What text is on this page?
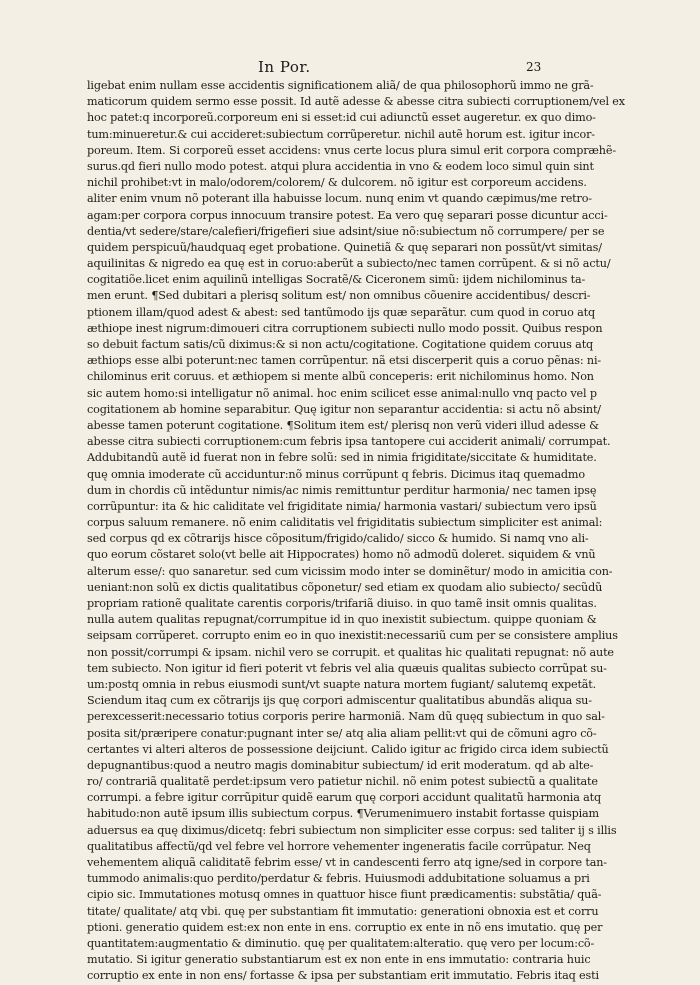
In Por.	23
ligebat enim nullam esse accidentis significationem aliã/ de qua philosophorũ immo ne grã-
maticorum quidem sermo esse possit. Id autẽ adesse & abesse citra subiecti corruptionem/vel ex
hoc patet:q incorporeũ.corporeum eni si esset:id cui adiunctũ esset augeretur. ex quo dimo-
tum:minueretur.& cui accideret:subiectum corrũperetur. nichil autẽ horum est. igitur incor-
poreum. Item. Si corporeũ esset accidens: vnus certe locus plura simul erit corpora compræhẽ-
surus.qd fieri nullo modo potest. atqui plura accidentia in vno & eodem loco simul quin sint
nichil prohibet:vt in malo/odorem/colorem/ & dulcorem. nõ igitur est corporeum accidens.
aliter enim vnum nõ poterant illa habuisse locum. nunq enim vt quando cæpimus/me retro-
agam:per corpora corpus innocuum transire potest. Ea vero quę separari posse dicuntur acci-
dentia/vt sedere/stare/calefieri/frigefieri siue adsint/siue nõ:subiectum nõ corrumpere/ per se
quidem perspicuũ/haudquaq eget probatione. Quinetiã & quę separari non possũt/vt simitas/
aquilinitas & nigredo ea quę est in coruo:aberũt a subiecto/nec tamen corrũpent. & si nõ actu/
cogitatiõe.licet enim aquilinũ intelligas Socratẽ/& Ciceronem simũ: ijdem nichilominus ta-
men erunt. ¶Sed dubitari a plerisq solitum est/ non omnibus cõuenire accidentibus/ descri-
ptionem illam/quod adest & abest: sed tantũmodo ijs quæ separãtur. cum quod in coruo atq
æthiope inest nigrum:dimoueri citra corruptionem subiecti nullo modo possit. Quibus respon
so debuit factum satis/cũ diximus:& si non actu/cogitatione. Cogitatione quidem coruus atq
æthiops esse albi poterunt:nec tamen corrũpentur. nã etsi discerperit quis a coruo pẽnas: ni-
chilominus erit coruus. et æthiopem si mente albũ conceperis: erit nichilominus homo. Non
sic autem homo:si intelligatur nõ animal. hoc enim scilicet esse animal:nullo vnq pacto vel p
cogitationem ab homine separabitur. Quę igitur non separantur accidentia: si actu nõ absint/
abesse tamen poterunt cogitatione. ¶Solitum item est/ plerisq non verũ videri illud adesse &
abesse citra subiecti corruptionem:cum febris ipsa tantopere cui acciderit animali/ corrumpat.
Addubitandũ autẽ id fuerat non in febre solũ: sed in nimia frigiditate/siccitate & humiditate.
quę omnia imoderate cũ acciduntur:nõ minus corrũpunt q febris. Dicimus itaq quemadmo
dum in chordis cũ intẽduntur nimis/ac nimis remittuntur perditur harmonia/ nec tamen ipsę
corrũpuntur: ita & hic caliditate vel frigiditate nimia/ harmonia vastari/ subiectum vero ipsũ
corpus saluum remanere. nõ enim caliditatis vel frigiditatis subiectum simpliciter est animal:
sed corpus qd ex cõtrarijs hisce cõpositum/frigido/calido/ sicco & humido. Si namq vno ali-
quo eorum cõstaret solo(vt belle ait Hippocrates) homo nõ admodũ doleret. siquidem & vnũ
alterum esse/: quo sanaretur. sed cum vicissim modo inter se dominẽtur/ modo in amicitia con-
ueniant:non solũ ex dictis qualitatibus cõponetur/ sed etiam ex quodam alio subiecto/ secũdũ
propriam rationẽ qualitate carentis corporis/trifariã diuiso. in quo tamẽ insit omnis qualitas.
nulla autem qualitas repugnat/corrumpitue id in quo inexistit subiectum. quippe quoniam &
seipsam corrũperet. corrupto enim eo in quo inexistit:necessariũ cum per se consistere amplius
non possit/corrumpi & ipsam. nichil vero se corrupit. et qualitas hic qualitati repugnat: nõ aute
tem subiecto. Non igitur id fieri poterit vt febris vel alia quæuis qualitas subiecto corrũpat su-
um:postq omnia in rebus eiusmodi sunt/vt suapte natura mortem fugiant/ salutemq expetãt.
Sciendum itaq cum ex cõtrarijs ijs quę corpori admiscentur qualitatibus abundãs aliqua su-
perexcesserit:necessario totius corporis perire harmoniã. Nam dũ quęq subiectum in quo sal-
posita sit/præripere conatur:pugnant inter se/ atq alia aliam pellit:vt qui de cõmuni agro cõ-
certantes vi alteri alteros de possessione deijciunt. Calido igitur ac frigido circa idem subiectũ
depugnantibus:quod a neutro magis dominabitur subiectum/ id erit moderatum. qd ab alte-
ro/ contrariã qualitatẽ perdet:ipsum vero patietur nichil. nõ enim potest subiectũ a qualitate
corrumpi. a febre igitur corrũpitur quidẽ earum quę corpori accidunt qualitatũ harmonia atq
habitudo:non autẽ ipsum illis subiectum corpus. ¶Verumenimuero instabit fortasse quispiam
aduersus ea quę diximus/dicetq: febri subiectum non simpliciter esse corpus: sed taliter ij s illis
qualitatibus affectũ/qd vel febre vel horrore vehementer ingeneratis facile corrũpatur. Neq
vehementem aliquã caliditatẽ febrim esse/ vt in candescenti ferro atq igne/sed in corpore tan-
tummodo animalis:quo perdito/perdatur & febris. Huiusmodi addubitatione soluamus a pri
cipio sic. Immutationes motusq omnes in quattuor hisce fiunt prædicamentis: substãtia/ quã-
titate/ qualitate/ atq vbi. quę per substantiam fit immutatio: generationi obnoxia est et corru
ptioni. generatio quidem est:ex non ente in ens. corruptio ex ente in nõ ens imutatio. quę per
quantitatem:augmentatio & diminutio. quę per qualitatem:alteratio. quę vero per locum:cõ-
mutatio. Si igitur generatio substantiarum est ex non ente in ens immutatio: contraria huic
corruptio ex ente in non ens/ fortasse & ipsa per substantiam erit immutatio. Febris itaq esti
